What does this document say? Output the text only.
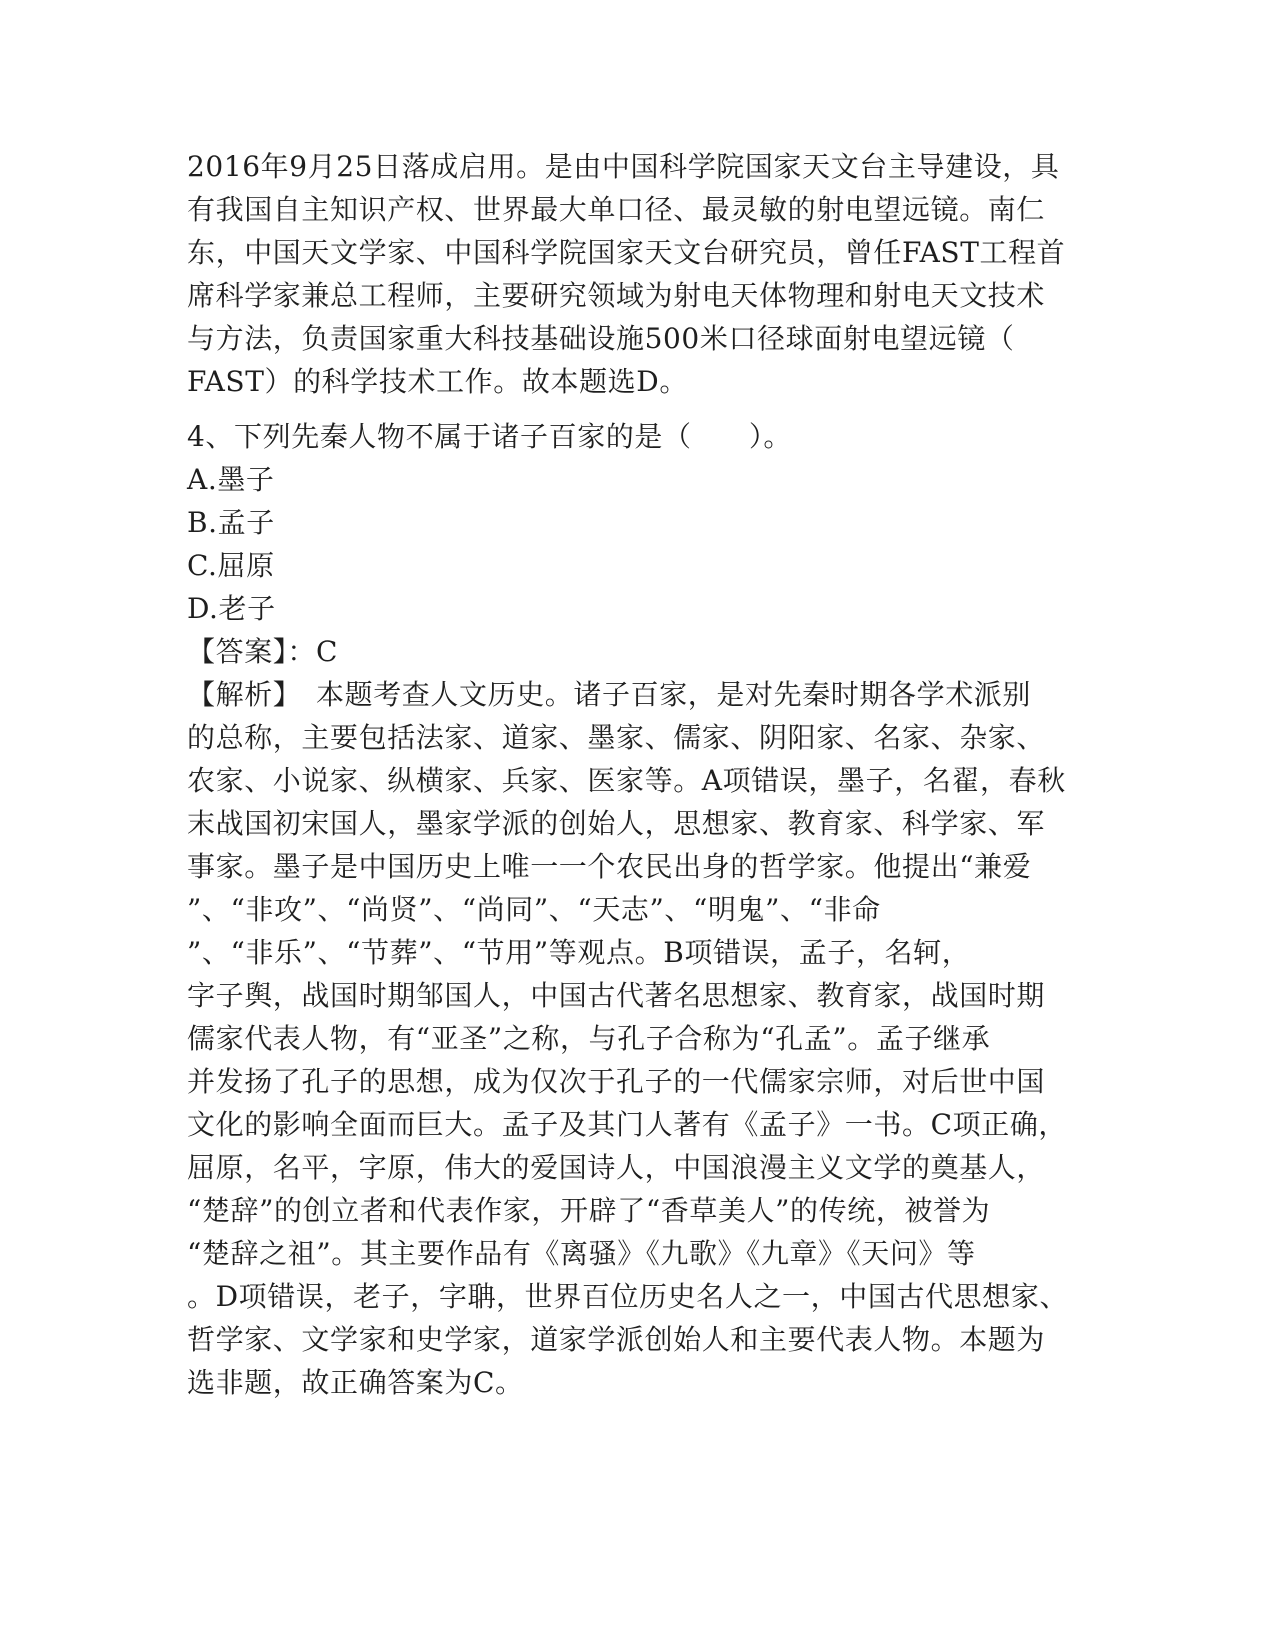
2016年9月25日落成启用。是由中国科学院国家天文台主导建设，具
有我国自主知识产权、世界最大单口径、最灵敏的射电望远镜。南仁
东，中国天文学家、中国科学院国家天文台研究员，曾任FAST工程首
席科学家兼总工程师，主要研究领域为射电天体物理和射电天文技术
与方法，负责国家重大科技基础设施500米口径球面射电望远镜（
FAST）的科学技术工作。故本题选D。
4、下列先秦人物不属于诸子百家的是（　　）。
A.墨子
B.孟子
C.屈原
D.老子
【答案】：C
【解析】　本题考查人文历史。诸子百家，是对先秦时期各学术派别
的总称，主要包括法家、道家、墨家、儒家、阴阳家、名家、杂家、
农家、小说家、纵横家、兵家、医家等。A项错误，墨子，名翟，春秋
末战国初宋国人，墨家学派的创始人，思想家、教育家、科学家、军
事家。墨子是中国历史上唯一一个农民出身的哲学家。他提出“兼爱
”、“非攻”、“尚贤”、“尚同”、“天志”、“明鬼”、“非命
”、“非乐”、“节葬”、“节用”等观点。B项错误，孟子，名轲，
字子舆，战国时期邹国人，中国古代著名思想家、教育家，战国时期
儒家代表人物，有“亚圣”之称，与孔子合称为“孔孟”。孟子继承
并发扬了孔子的思想，成为仅次于孔子的一代儒家宗师，对后世中国
文化的影响全面而巨大。孟子及其门人著有《孟子》一书。C项正确，
屈原，名平，字原，伟大的爱国诗人，中国浪漫主义文学的奠基人，
“楚辞”的创立者和代表作家，开辟了“香草美人”的传统，被誉为
“楚辞之祖”。其主要作品有《离骚》《九歌》《九章》《天问》等
。D项错误，老子，字聃，世界百位历史名人之一，中国古代思想家、
哲学家、文学家和史学家，道家学派创始人和主要代表人物。本题为
选非题，故正确答案为C。
